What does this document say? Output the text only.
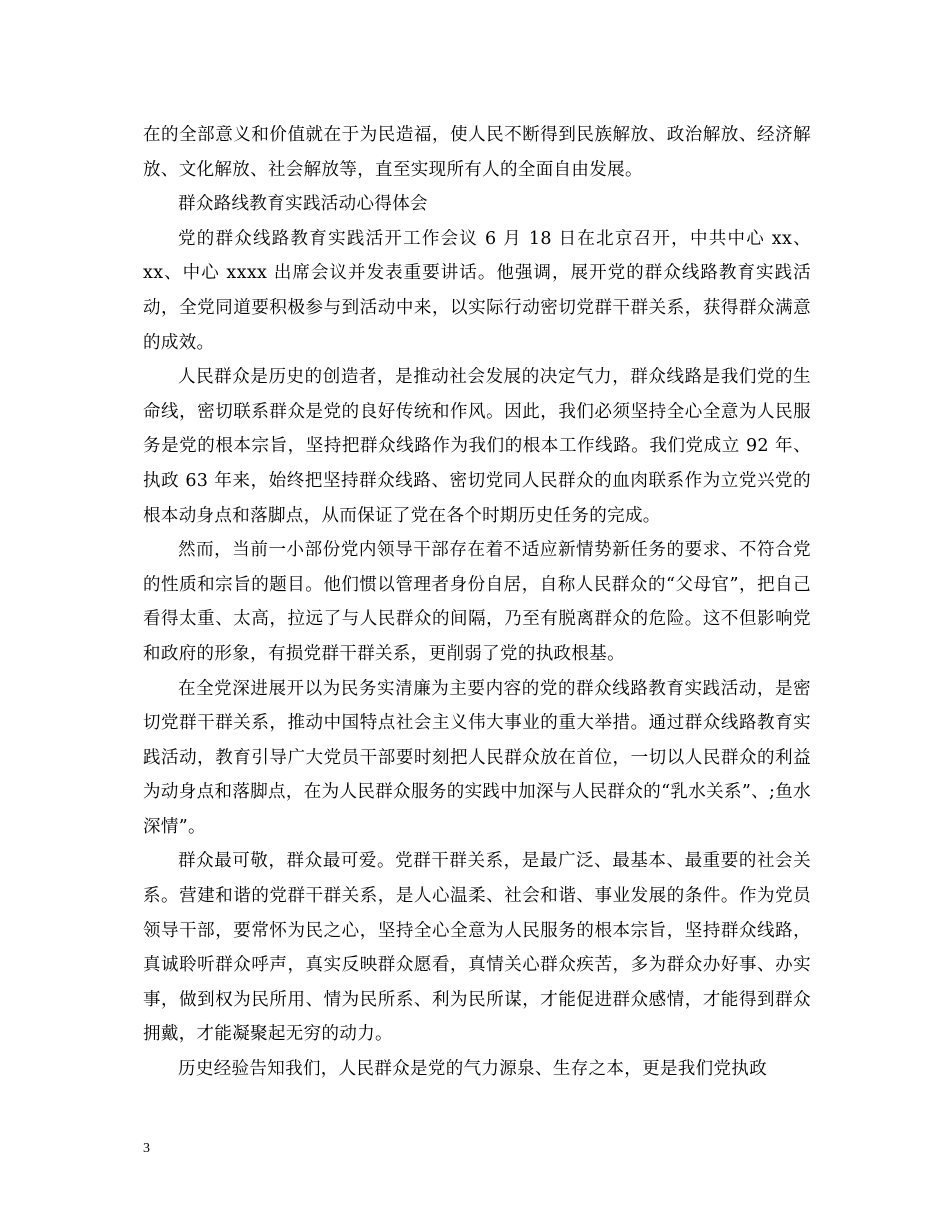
在的全部意义和价值就在于为民造福，使人民不断得到民族解放、政治解放、经济解放、文化解放、社会解放等，直至实现所有人的全面自由发展。

群众路线教育实践活动心得体会

党的群众线路教育实践活开工作会议 6 月 18 日在北京召开，中共中心 xx、xx、中心 xxxx 出席会议并发表重要讲话。他强调，展开党的群众线路教育实践活动，全党同道要积极参与到活动中来，以实际行动密切党群干群关系，获得群众满意的成效。

人民群众是历史的创造者，是推动社会发展的决定气力，群众线路是我们党的生命线，密切联系群众是党的良好传统和作风。因此，我们必须坚持全心全意为人民服务是党的根本宗旨，坚持把群众线路作为我们的根本工作线路。我们党成立 92 年、执政 63 年来，始终把坚持群众线路、密切党同人民群众的血肉联系作为立党兴党的根本动身点和落脚点，从而保证了党在各个时期历史任务的完成。

然而，当前一小部份党内领导干部存在着不适应新情势新任务的要求、不符合党的性质和宗旨的题目。他们惯以管理者身份自居，自称人民群众的“父母官”，把自己看得太重、太高，拉远了与人民群众的间隔，乃至有脱离群众的危险。这不但影响党和政府的形象，有损党群干群关系，更削弱了党的执政根基。

在全党深进展开以为民务实清廉为主要内容的党的群众线路教育实践活动，是密切党群干群关系，推动中国特点社会主义伟大事业的重大举措。通过群众线路教育实践活动，教育引导广大党员干部要时刻把人民群众放在首位，一切以人民群众的利益为动身点和落脚点，在为人民群众服务的实践中加深与人民群众的“乳水关系”、;鱼水深情”。

群众最可敬，群众最可爱。党群干群关系，是最广泛、最基本、最重要的社会关系。营建和谐的党群干群关系，是人心温柔、社会和谐、事业发展的条件。作为党员领导干部，要常怀为民之心，坚持全心全意为人民服务的根本宗旨，坚持群众线路，真诚聆听群众呼声，真实反映群众愿看，真情关心群众疾苦，多为群众办好事、办实事，做到权为民所用、情为民所系、利为民所谋，才能促进群众感情，才能得到群众拥戴，才能凝聚起无穷的动力。

历史经验告知我们，人民群众是党的气力源泉、生存之本，更是我们党执政

3
